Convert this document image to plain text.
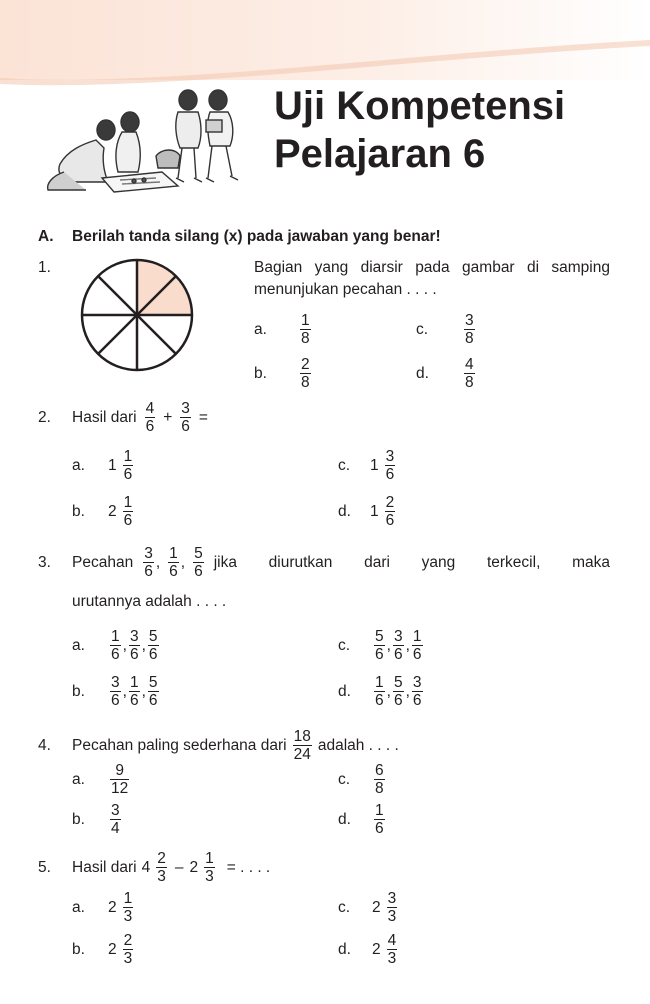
Uji Kompetensi
Pelajaran 6
A. Berilah tanda silang (x) pada jawaban yang benar!
1.	Bagian yang diarsir pada gambar di samping
menunjukan pecahan . . . .
a.	$\frac{1}{8}$
b.	$\frac{2}{8}$
c.	$\frac{3}{8}$
d.	$\frac{4}{8}$
2.	Hasil dari $\frac{4}{6} + \frac{3}{6}$ =
a.	$1 \frac{1}{6}$
b.	$2 \frac{1}{6}$
c.	$1 \frac{3}{6}$
d.	$1 \frac{2}{6}$
3.	Pecahan $\frac{3}{6}$ , $\frac{1}{6}$ , $\frac{5}{6}$ jika diurutkan dari yang terkecil, maka
urutannya adalah . . . .
a.	$\frac{1}{6}$ , $\frac{3}{6}$ , $\frac{5}{6}$
b.	$\frac{3}{6}$ , $\frac{1}{6}$ , $\frac{5}{6}$
c.	$\frac{5}{6}$ , $\frac{3}{6}$ , $\frac{1}{6}$
d.	$\frac{1}{6}$ , $\frac{5}{6}$ , $\frac{3}{6}$
4.	Pecahan paling sederhana dari $\frac{18}{24}$ adalah . . . .
a.	$\frac{9}{12}$
b.	$\frac{3}{4}$
c.	$\frac{6}{8}$
d.	$\frac{1}{6}$
5.	Hasil dari $4 \frac{2}{3} - 2 \frac{1}{3}$ = . . . .
a.	$2 \frac{1}{3}$
b.	$2 \frac{2}{3}$
c.	$2 \frac{3}{3}$
d.	$2 \frac{4}{3}$
